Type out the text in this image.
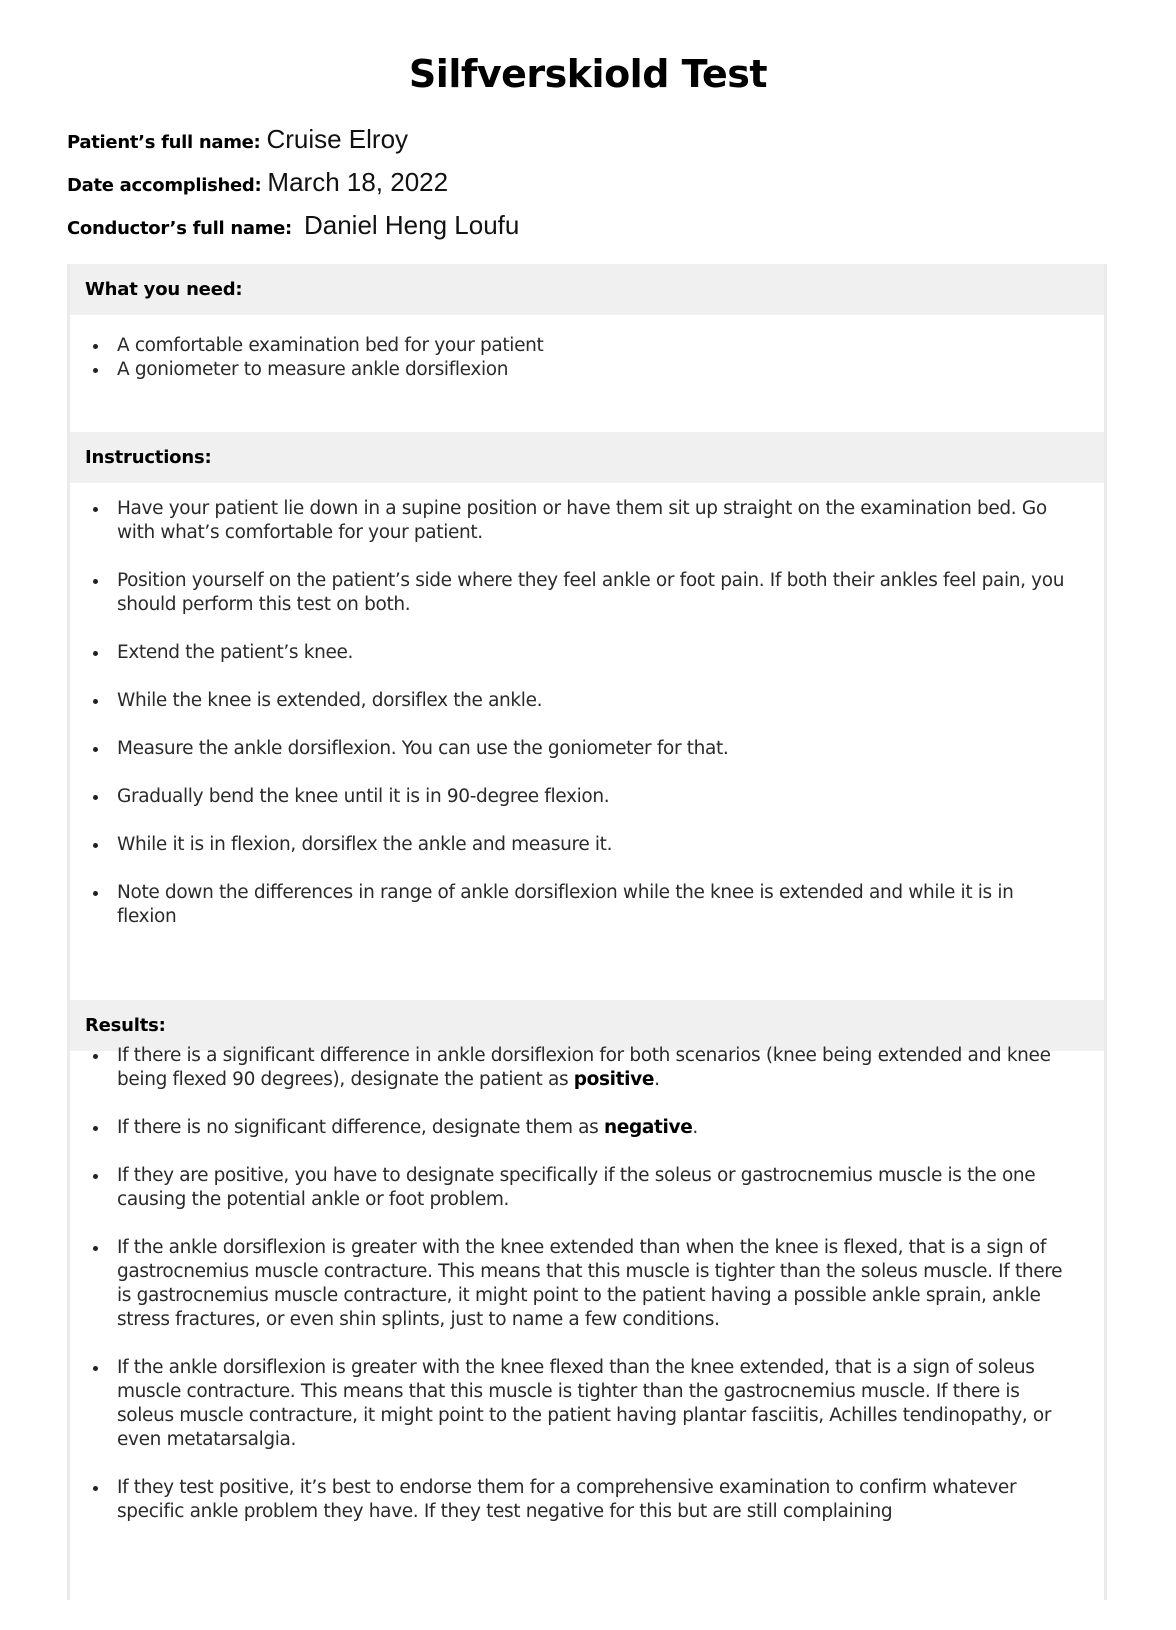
Silfverskiold Test
Patient’s full name: Cruise Elroy
Date accomplished: March 18, 2022
Conductor’s full name: Daniel Heng Loufu
What you need:
A comfortable examination bed for your patient
A goniometer to measure ankle dorsiflexion
Instructions:
Have your patient lie down in a supine position or have them sit up straight on the examination bed. Go with what’s comfortable for your patient.
Position yourself on the patient’s side where they feel ankle or foot pain. If both their ankles feel pain, you should perform this test on both.
Extend the patient’s knee.
While the knee is extended, dorsiflex the ankle.
Measure the ankle dorsiflexion. You can use the goniometer for that.
Gradually bend the knee until it is in 90-degree flexion.
While it is in flexion, dorsiflex the ankle and measure it.
Note down the differences in range of ankle dorsiflexion while the knee is extended and while it is in flexion
Results:
If there is a significant difference in ankle dorsiflexion for both scenarios (knee being extended and knee being flexed 90 degrees), designate the patient as positive.
If there is no significant difference, designate them as negative.
If they are positive, you have to designate specifically if the soleus or gastrocnemius muscle is the one causing the potential ankle or foot problem.
If the ankle dorsiflexion is greater with the knee extended than when the knee is flexed, that is a sign of gastrocnemius muscle contracture. This means that this muscle is tighter than the soleus muscle. If there is gastrocnemius muscle contracture, it might point to the patient having a possible ankle sprain, ankle stress fractures, or even shin splints, just to name a few conditions.
If the ankle dorsiflexion is greater with the knee flexed than the knee extended, that is a sign of soleus muscle contracture. This means that this muscle is tighter than the gastrocnemius muscle. If there is soleus muscle contracture, it might point to the patient having plantar fasciitis, Achilles tendinopathy, or even metatarsalgia.
If they test positive, it’s best to endorse them for a comprehensive examination to confirm whatever specific ankle problem they have. If they test negative for this but are still complaining
